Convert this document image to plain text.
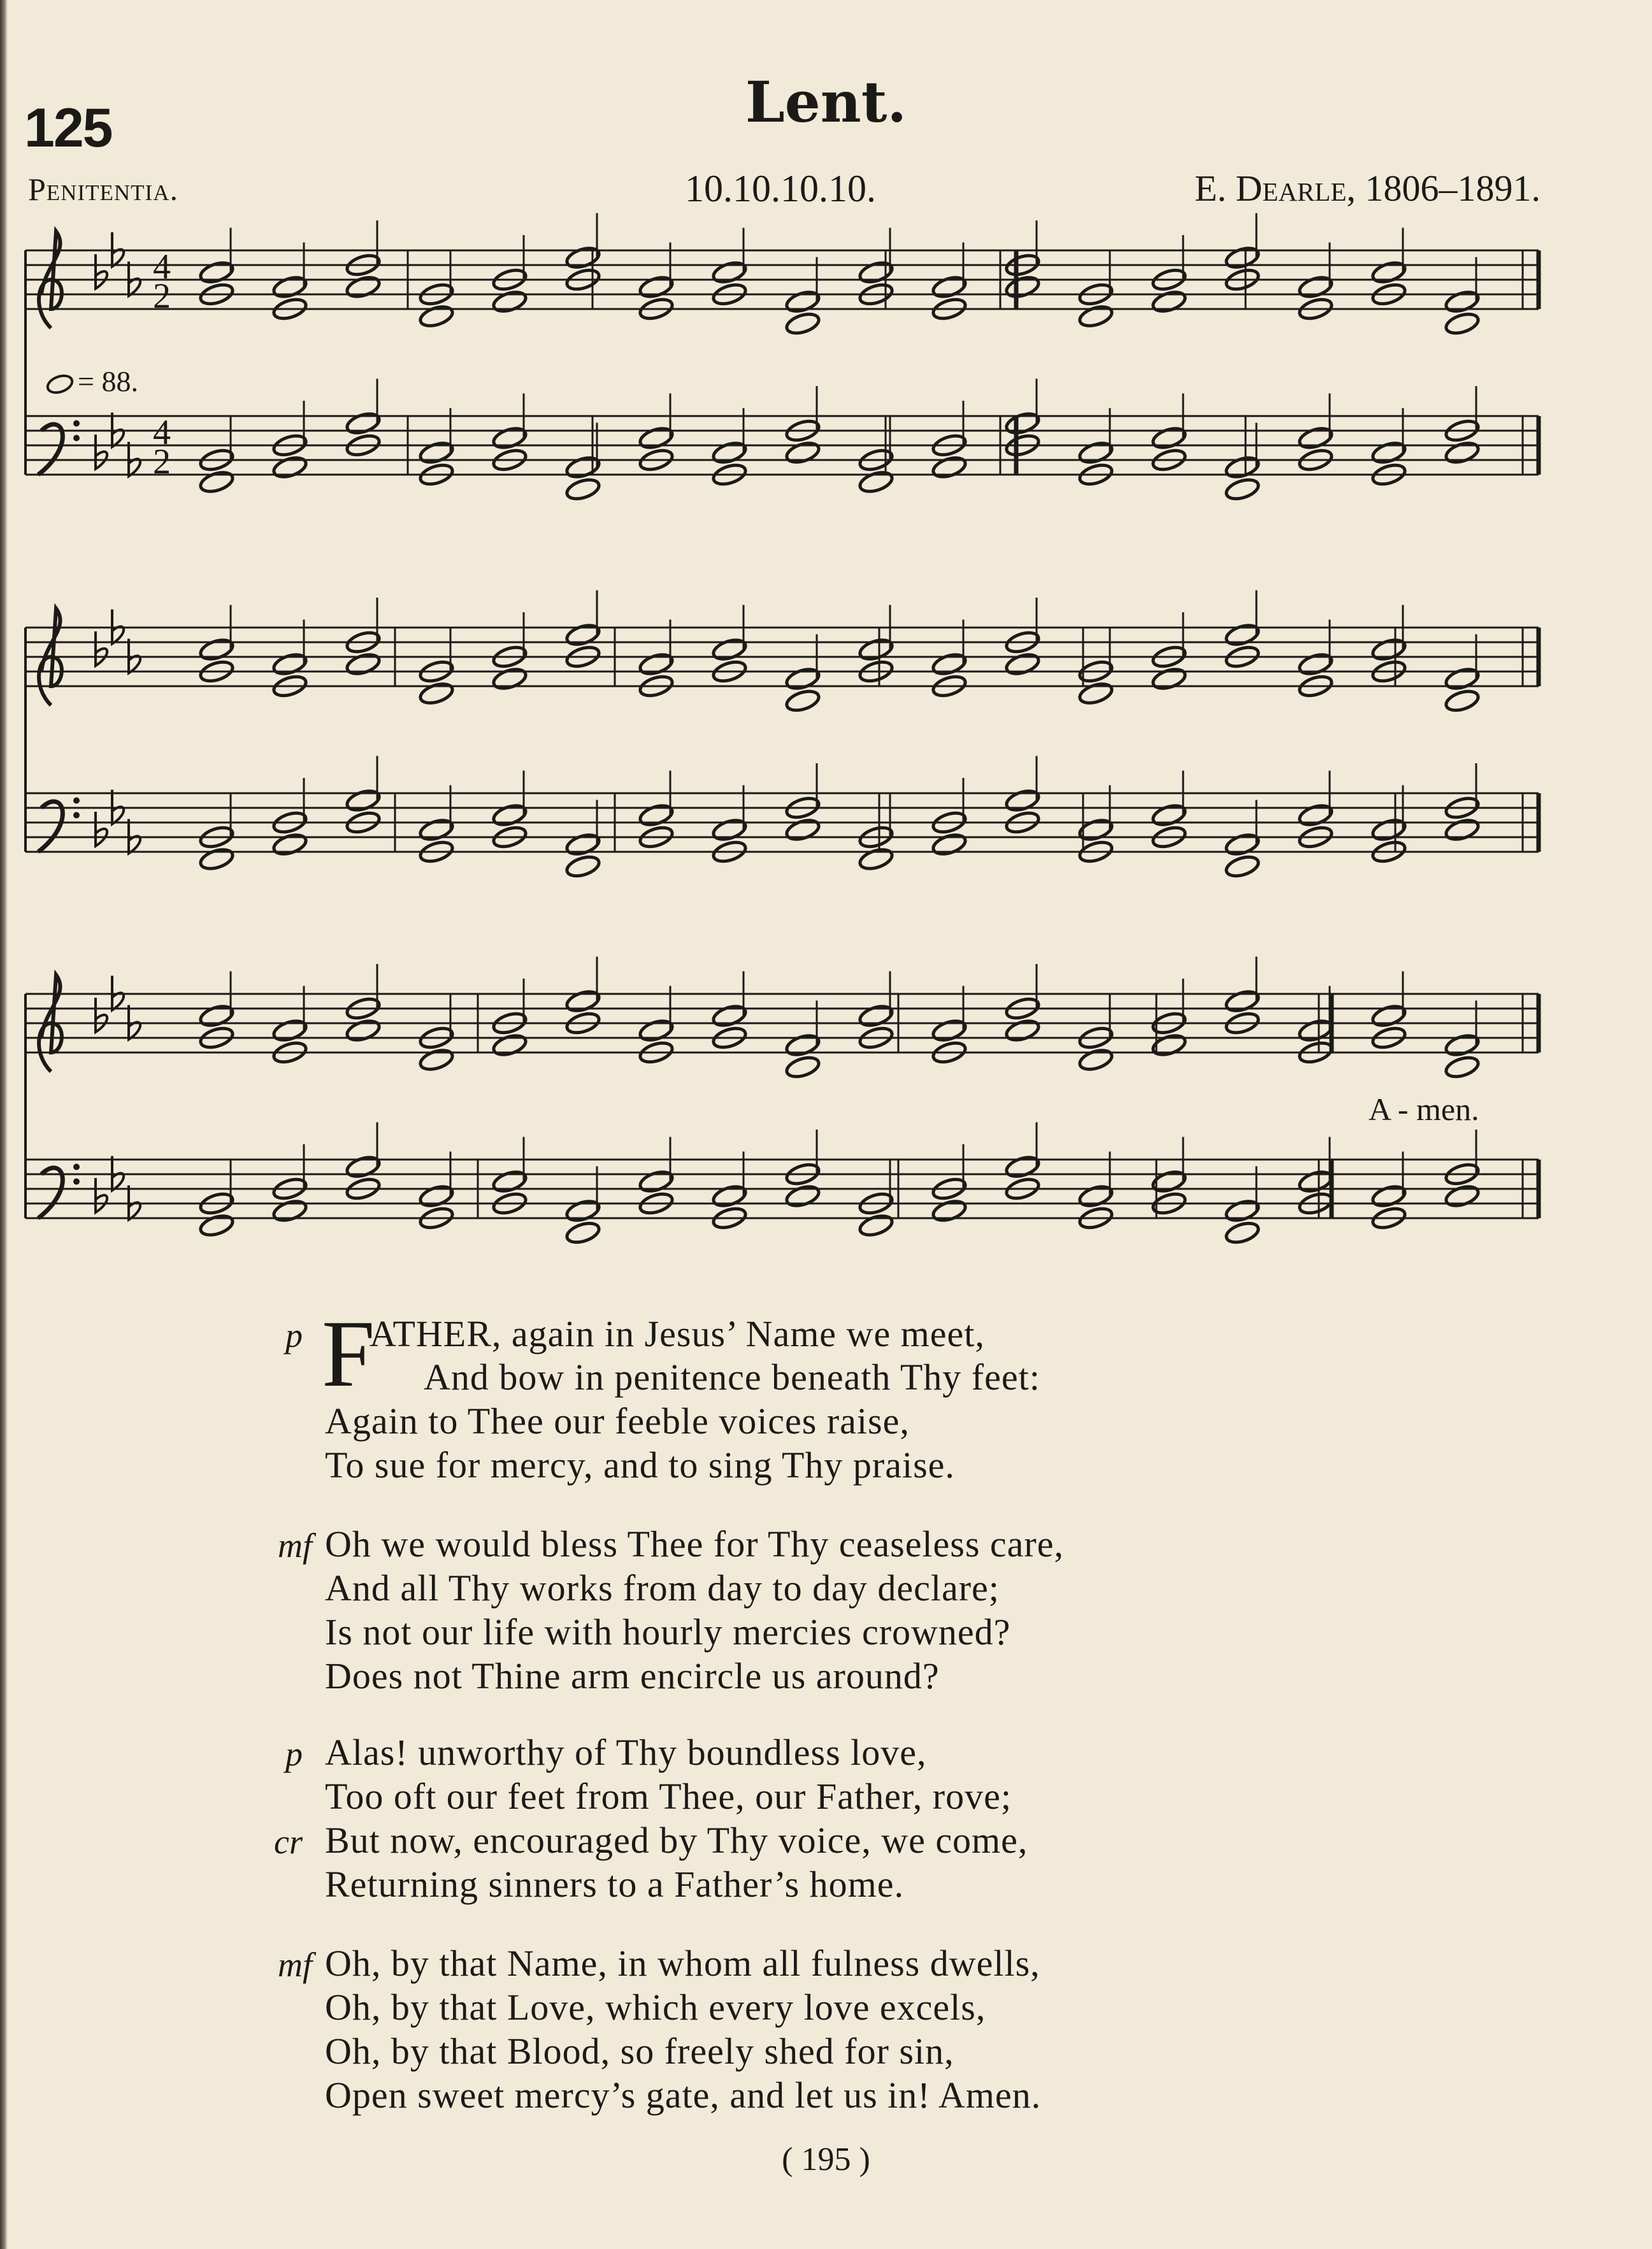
125	Lent.
Penitentia.	10.10.10.10.	E. Dearle, 1806–1891.
= 88.
4
2
4
2
A - men.
F
p ATHER, again in Jesus’ Name we meet,
And bow in penitence beneath Thy feet:
Again to Thee our feeble voices raise,
To sue for mercy, and to sing Thy praise.
mf Oh we would bless Thee for Thy ceaseless care,
And all Thy works from day to day declare;
Is not our life with hourly mercies crowned?
Does not Thine arm encircle us around?
p Alas! unworthy of Thy boundless love,
Too oft our feet from Thee, our Father, rove;
cr But now, encouraged by Thy voice, we come,
Returning sinners to a Father’s home.
mf Oh, by that Name, in whom all fulness dwells,
Oh, by that Love, which every love excels,
Oh, by that Blood, so freely shed for sin,
Open sweet mercy’s gate, and let us in! Amen.
( 195 )
